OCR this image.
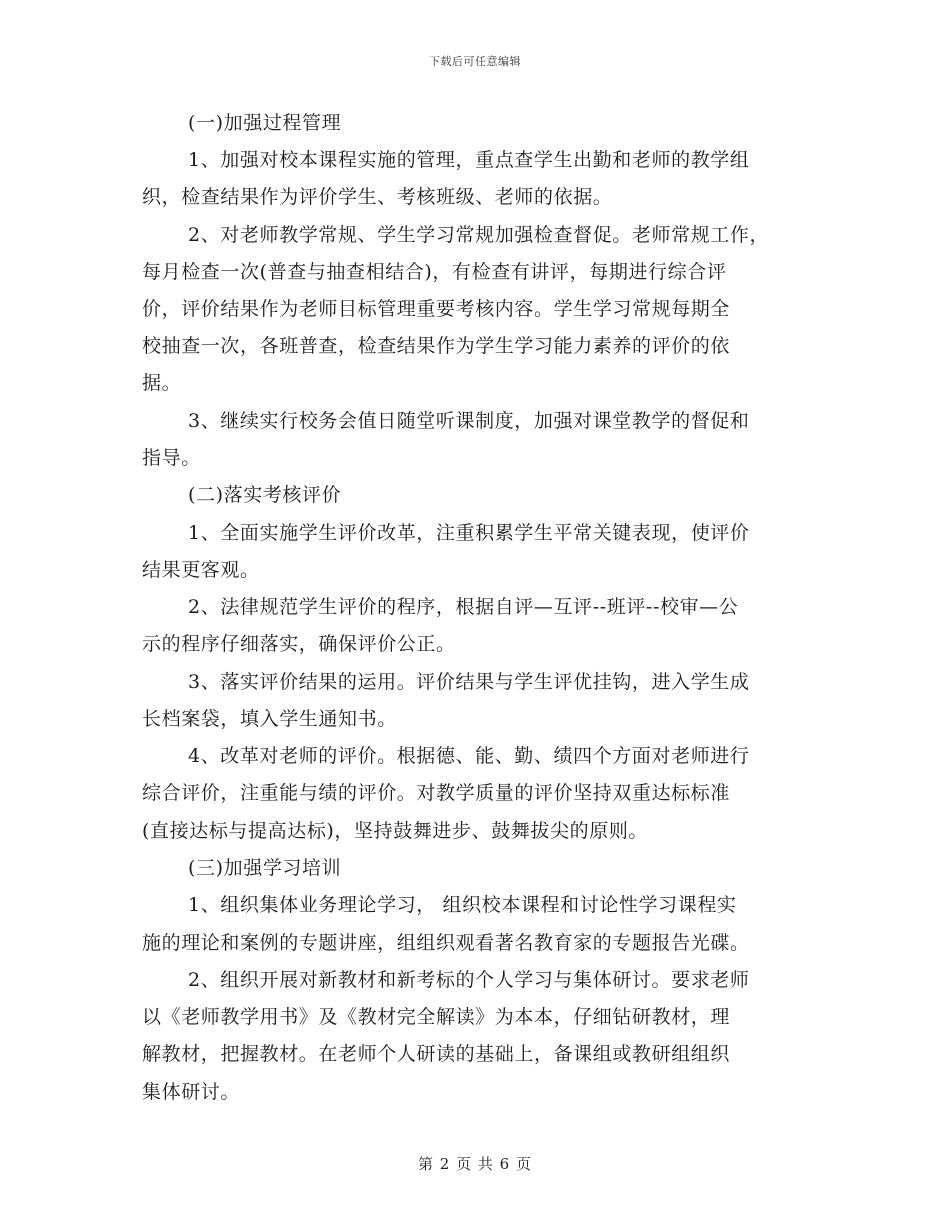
下载后可任意编辑
(一)加强过程管理
1、加强对校本课程实施的管理，重点查学生出勤和老师的教学组
织，检查结果作为评价学生、考核班级、老师的依据。
2、对老师教学常规、学生学习常规加强检查督促。老师常规工作，
每月检查一次(普查与抽查相结合)，有检查有讲评，每期进行综合评
价，评价结果作为老师目标管理重要考核内容。学生学习常规每期全
校抽查一次，各班普查，检查结果作为学生学习能力素养的评价的依
据。
3、继续实行校务会值日随堂听课制度，加强对课堂教学的督促和
指导。
(二)落实考核评价
1、全面实施学生评价改革，注重积累学生平常关键表现，使评价
结果更客观。
2、法律规范学生评价的程序，根据自评—互评--班评--校审—公
示的程序仔细落实，确保评价公正。
3、落实评价结果的运用。评价结果与学生评优挂钩，进入学生成
长档案袋，填入学生通知书。
4、改革对老师的评价。根据德、能、勤、绩四个方面对老师进行
综合评价，注重能与绩的评价。对教学质量的评价坚持双重达标标准
(直接达标与提高达标)，坚持鼓舞进步、鼓舞拔尖的原则。
(三)加强学习培训
1、组织集体业务理论学习， 组织校本课程和讨论性学习课程实
施的理论和案例的专题讲座，组组织观看著名教育家的专题报告光碟。
2、组织开展对新教材和新考标的个人学习与集体研讨。要求老师
以《老师教学用书》及《教材完全解读》为本本，仔细钻研教材，理
解教材，把握教材。在老师个人研读的基础上，备课组或教研组组织
集体研讨。
第 2 页 共 6 页
